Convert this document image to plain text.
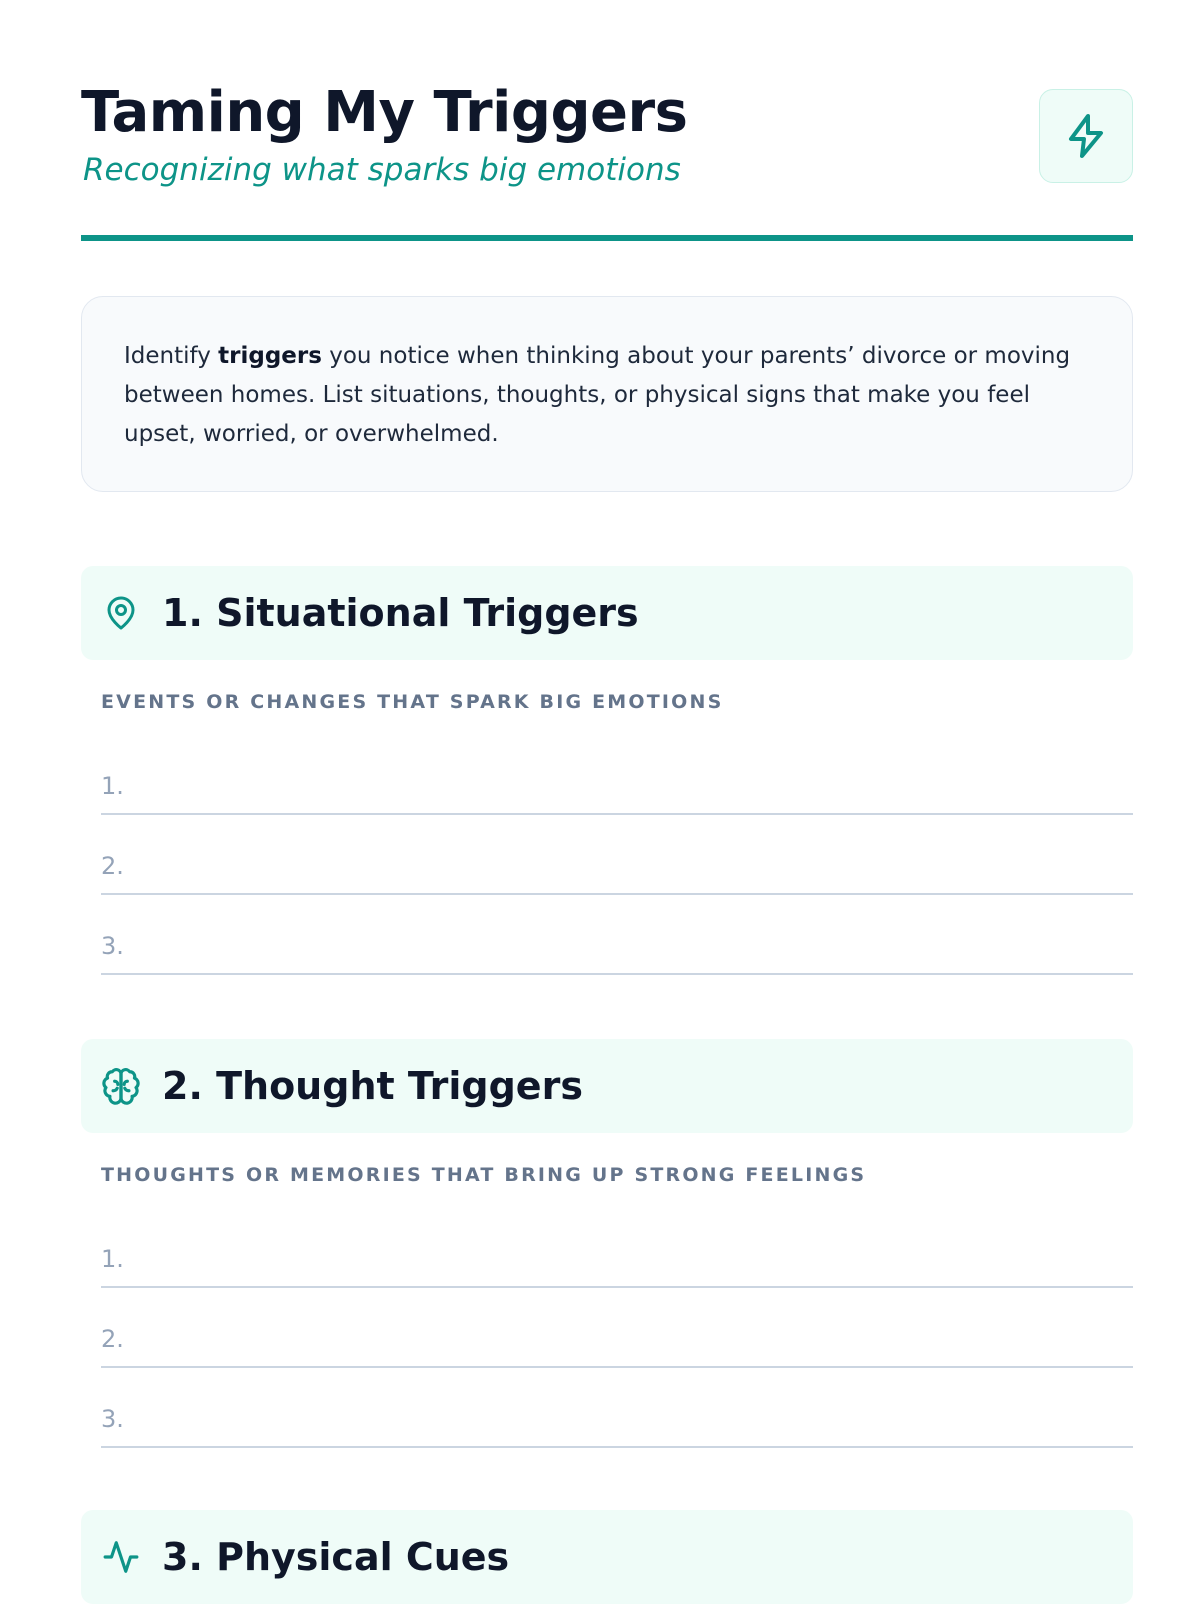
Taming My Triggers

Recognizing what sparks big emotions

Identify triggers you notice when thinking about your parents’ divorce or moving between homes. List situations, thoughts, or physical signs that make you feel upset, worried, or overwhelmed.
1. Situational Triggers
EVENTS OR CHANGES THAT SPARK BIG EMOTIONS
1.
2.
3.
2. Thought Triggers
THOUGHTS OR MEMORIES THAT BRING UP STRONG FEELINGS
1.
2.
3.
3. Physical Cues
